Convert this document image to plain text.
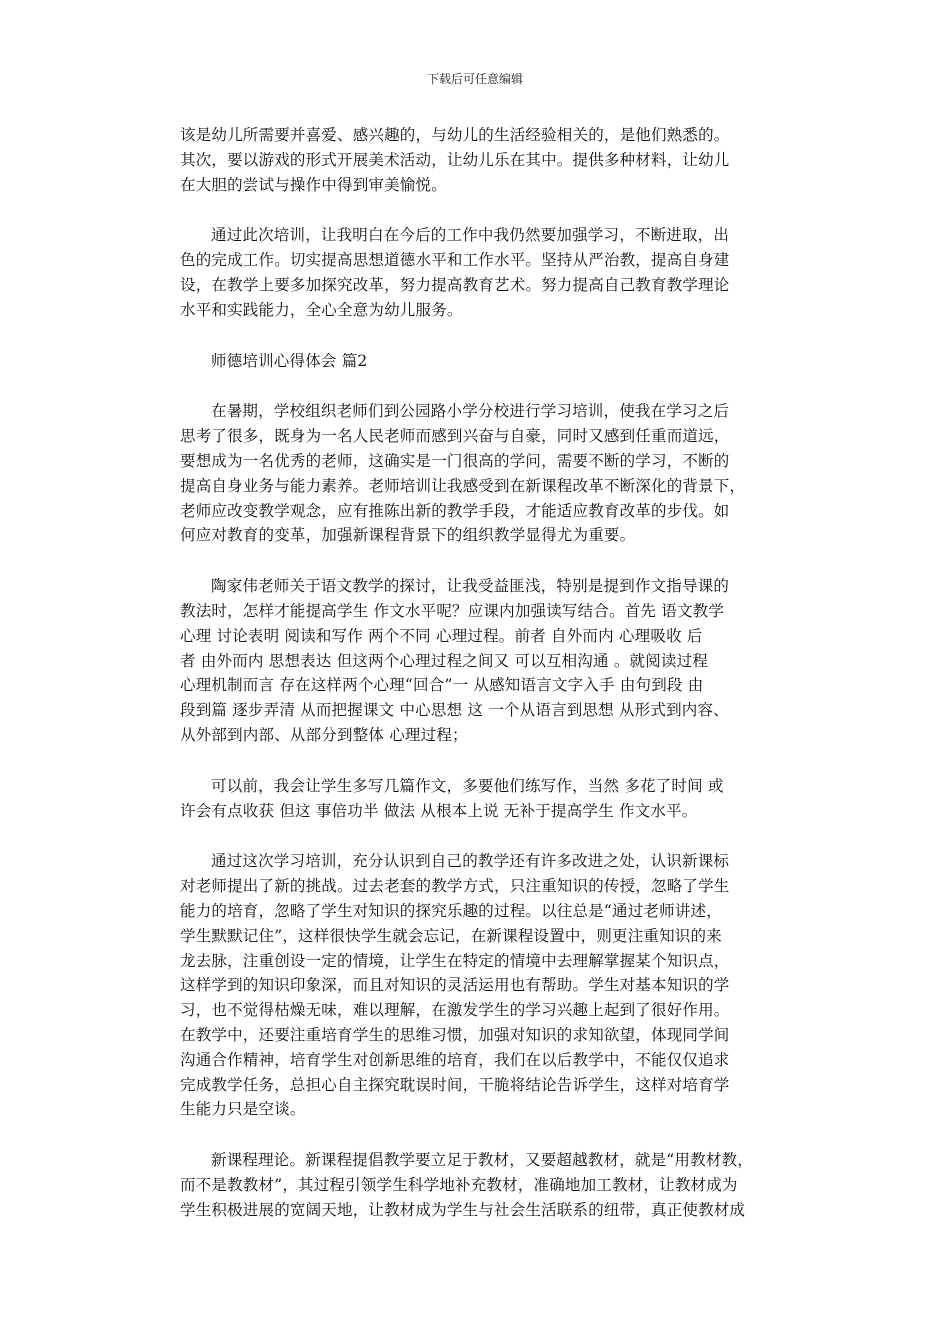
下载后可任意编辑

该是幼儿所需要并喜爱、感兴趣的，与幼儿的生活经验相关的，是他们熟悉的。
其次，要以游戏的形式开展美术活动，让幼儿乐在其中。提供多种材料，让幼儿
在大胆的尝试与操作中得到审美愉悦。

通过此次培训，让我明白在今后的工作中我仍然要加强学习，不断进取，出
色的完成工作。切实提高思想道德水平和工作水平。坚持从严治教，提高自身建
设，在教学上要多加探究改革，努力提高教育艺术。努力提高自己教育教学理论
水平和实践能力，全心全意为幼儿服务。

师德培训心得体会 篇2

在暑期，学校组织老师们到公园路小学分校进行学习培训，使我在学习之后
思考了很多，既身为一名人民老师而感到兴奋与自豪，同时又感到任重而道远，
要想成为一名优秀的老师，这确实是一门很高的学问，需要不断的学习，不断的
提高自身业务与能力素养。老师培训让我感受到在新课程改革不断深化的背景下，
老师应改变教学观念，应有推陈出新的教学手段，才能适应教育改革的步伐。如
何应对教育的变革，加强新课程背景下的组织教学显得尤为重要。

陶家伟老师关于语文教学的探讨，让我受益匪浅，特别是提到作文指导课的
教法时，怎样才能提高学生 作文水平呢？应课内加强读写结合。首先 语文教学
心理 讨论表明 阅读和写作 两个不同 心理过程。前者 自外而内 心理吸收 后
者 由外而内 思想表达 但这两个心理过程之间又 可以互相沟通 。就阅读过程
心理机制而言 存在这样两个心理“回合”一 从感知语言文字入手 由句到段 由
段到篇 逐步弄清 从而把握课文 中心思想 这 一个从语言到思想 从形式到内容、
从外部到内部、从部分到整体 心理过程；

可以前，我会让学生多写几篇作文，多要他们练写作，当然 多花了时间 或
许会有点收获 但这 事倍功半 做法 从根本上说 无补于提高学生 作文水平。

通过这次学习培训，充分认识到自己的教学还有许多改进之处，认识新课标
对老师提出了新的挑战。过去老套的教学方式，只注重知识的传授，忽略了学生
能力的培育，忽略了学生对知识的探究乐趣的过程。以往总是“通过老师讲述，
学生默默记住”，这样很快学生就会忘记，在新课程设置中，则更注重知识的来
龙去脉，注重创设一定的情境，让学生在特定的情境中去理解掌握某个知识点，
这样学到的知识印象深，而且对知识的灵活运用也有帮助。学生对基本知识的学
习，也不觉得枯燥无味，难以理解，在激发学生的学习兴趣上起到了很好作用。
在教学中，还要注重培育学生的思维习惯，加强对知识的求知欲望，体现同学间
沟通合作精神，培育学生对创新思维的培育，我们在以后教学中，不能仅仅追求
完成教学任务，总担心自主探究耽误时间，干脆将结论告诉学生，这样对培育学
生能力只是空谈。

新课程理论。新课程提倡教学要立足于教材，又要超越教材，就是“用教材教，
而不是教教材”，其过程引领学生科学地补充教材，准确地加工教材，让教材成为
学生积极进展的宽阔天地，让教材成为学生与社会生活联系的纽带，真正使教材成
